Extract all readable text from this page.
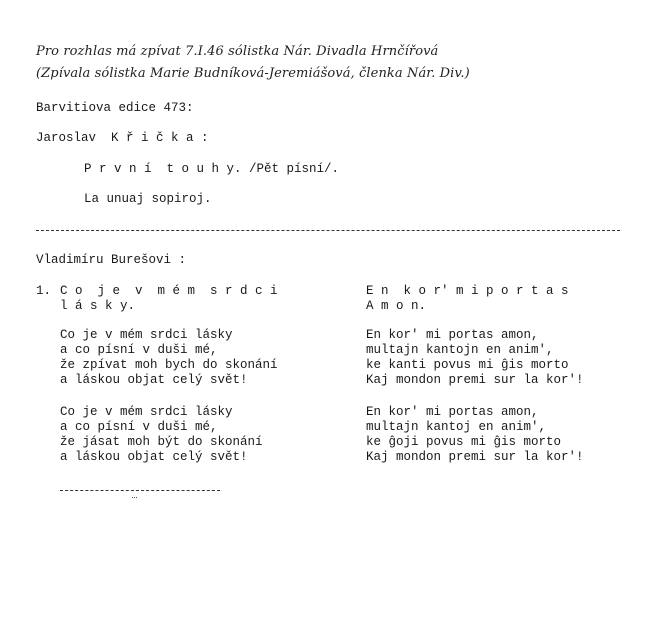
Pro rozhlas má zpívat 7.I.46 sólistka Nár. Divadla Hrnčířová
(Zpívala sólistka Marie Budníková-Jeremiášová, členka Nár. Div.)
Barvitiova edice 473:
Jaroslav  K ř i č k a :
P r v n í  t o u h y. /Pět písní/.
La unuaj sopiroj.
Vladimíru Burešovi :
1. C o  j e  v  m é m  s r d c i
l á s k y.
E n  k o r' m i p o r t a s
A m o n.
Co je v mém srdci lásky
a co písní v duši mé,
že zpívat moh bych do skonání
a láskou objat celý svět!
En kor' mi portas amon,
multajn kantojn en anim',
ke kanti povus mi ĝis morto
Kaj mondon premi sur la kor'!
Co je v mém srdci lásky
a co písní v duši mé,
že jásat moh být do skonání
a láskou objat celý svět!
En kor' mi portas amon,
multajn kantoj en anim',
ke ĝoji povus mi ĝis morto
Kaj mondon premi sur la kor'!
